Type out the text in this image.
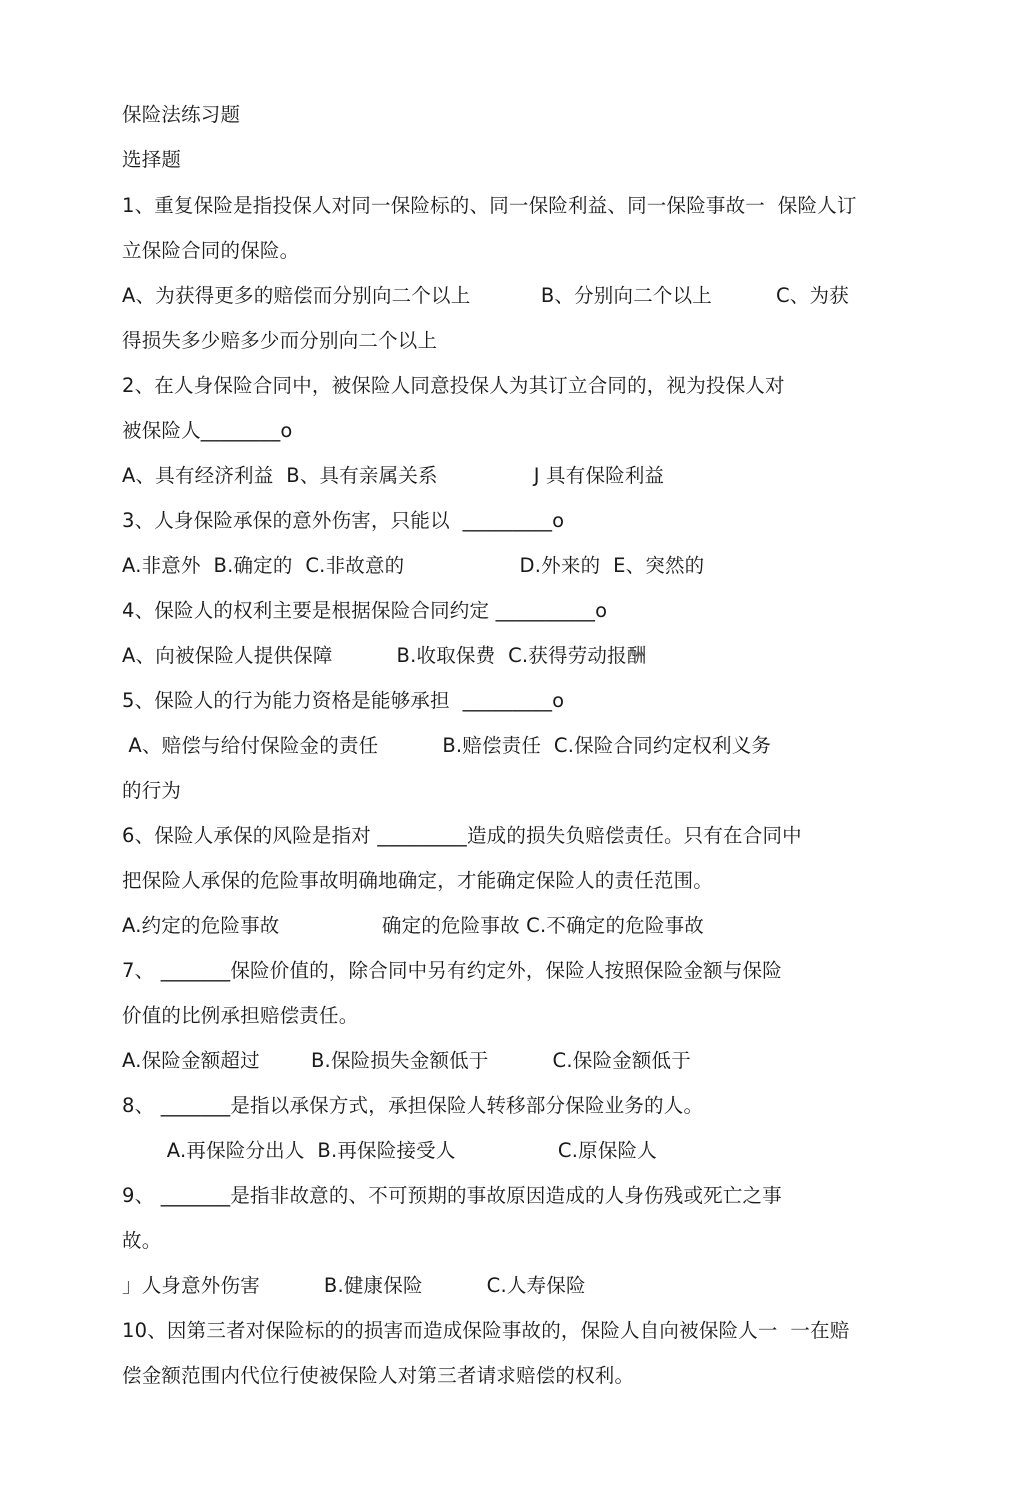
保险法练习题
选择题
1、重复保险是指投保人对同一保险标的、同一保险利益、同一保险事故一  保险人订
立保险合同的保险。
A、为获得更多的赔偿而分别向二个以上           B、分别向二个以上          C、为获
得损失多少赔多少而分别向二个以上
2、在人身保险合同中，被保险人同意投保人为其订立合同的，视为投保人对
被保险人________o
A、具有经济利益  B、具有亲属关系               J 具有保险利益
3、人身保险承保的意外伤害，只能以  _________o
A.非意外  B.确定的  C.非故意的                  D.外来的  E、突然的
4、保险人的权利主要是根据保险合同约定 __________o
A、向被保险人提供保障          B.收取保费  C.获得劳动报酬
5、保险人的行为能力资格是能够承担  _________o
A、赔偿与给付保险金的责任          B.赔偿责任  C.保险合同约定权利义务
的行为
6、保险人承保的风险是指对 _________造成的损失负赔偿责任。只有在合同中
把保险人承保的危险事故明确地确定，才能确定保险人的责任范围。
A.约定的危险事故                确定的危险事故 C.不确定的危险事故
7、 _______保险价值的，除合同中另有约定外，保险人按照保险金额与保险
价值的比例承担赔偿责任。
A.保险金额超过        B.保险损失金额低于          C.保险金额低于
8、 _______是指以承保方式，承担保险人转移部分保险业务的人。
A.再保险分出人  B.再保险接受人                C.原保险人
9、 _______是指非故意的、不可预期的事故原因造成的人身伤残或死亡之事
故。
」人身意外伤害          B.健康保险          C.人寿保险
10、因第三者对保险标的的损害而造成保险事故的，保险人自向被保险人一  一在赔
偿金额范围内代位行使被保险人对第三者请求赔偿的权利。
